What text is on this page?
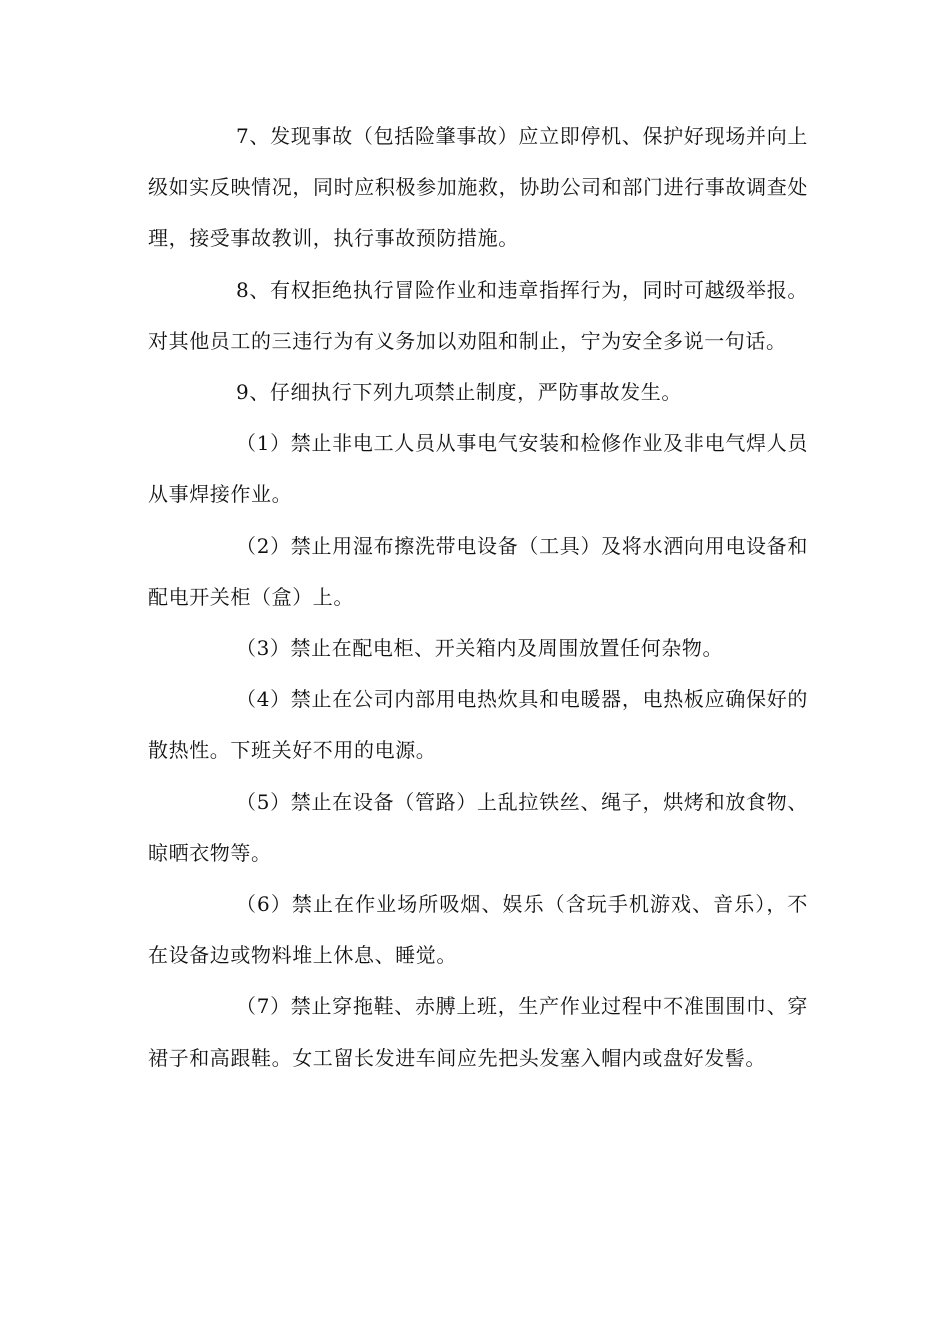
7、发现事故（包括险肇事故）应立即停机、保护好现场并向上级如实反映情况，同时应积极参加施救，协助公司和部门进行事故调查处理，接受事故教训，执行事故预防措施。

8、有权拒绝执行冒险作业和违章指挥行为，同时可越级举报。对其他员工的三违行为有义务加以劝阻和制止，宁为安全多说一句话。

9、仔细执行下列九项禁止制度，严防事故发生。

（1）禁止非电工人员从事电气安装和检修作业及非电气焊人员从事焊接作业。

（2）禁止用湿布擦洗带电设备（工具）及将水洒向用电设备和配电开关柜（盒）上。

（3）禁止在配电柜、开关箱内及周围放置任何杂物。

（4）禁止在公司内部用电热炊具和电暖器，电热板应确保好的散热性。下班关好不用的电源。

（5）禁止在设备（管路）上乱拉铁丝、绳子，烘烤和放食物、晾晒衣物等。

（6）禁止在作业场所吸烟、娱乐（含玩手机游戏、音乐），不在设备边或物料堆上休息、睡觉。

（7）禁止穿拖鞋、赤膊上班，生产作业过程中不准围围巾、穿裙子和高跟鞋。女工留长发进车间应先把头发塞入帽内或盘好发髻。
